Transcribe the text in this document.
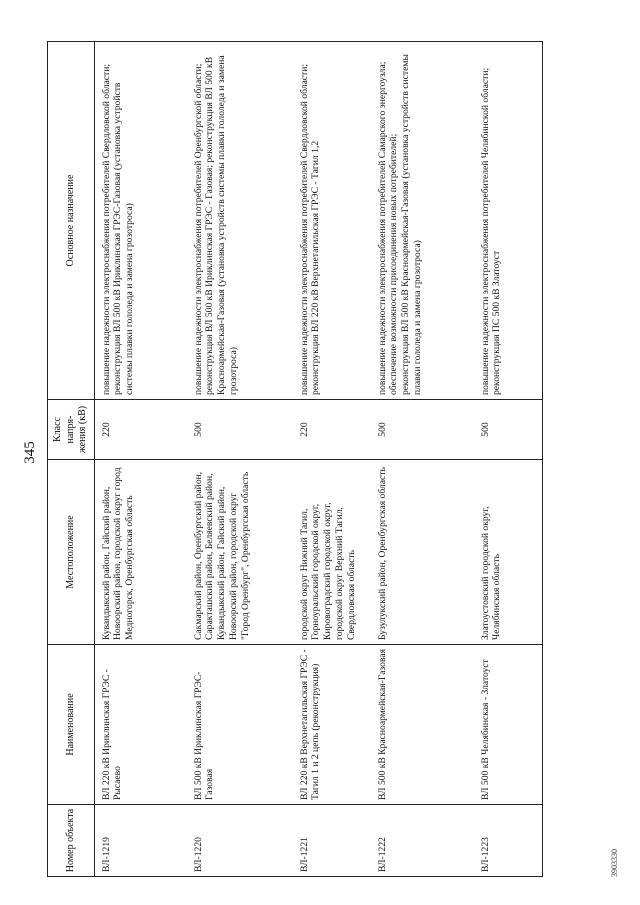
345
Номер объекта	Наименование	Местоположение	Класс напря-жения (кВ)	Основное назначение
ВЛ-1219	ВЛ 220 кВ Ириклинская ГРЭС - Рысаево	Кувандыкский район, Гайский район, Новоорский район, городской округ город Медногорск, Оренбургская область	220	повышение надежности электроснабжения потребителей Свердловской области; реконструкция ВЛ 500 кВ Ириклинская ГРЭС-Газовая (установка устройств системы плавки гололеда и замена грозотроса)

ВЛ-1220	ВЛ 500 кВ Ириклинская ГРЭС-Газовая	Сакмарский район, Оренбургский район, Саракташский район, Беляевский район, Кувандыкский район, Гайский район, Новоорский район, городской округ "Город Оренбург", Оренбургская область	500	повышение надежности электроснабжения потребителей Оренбургской области; реконструкция ВЛ 500 кВ Ириклинская ГРЭС - Газовая; реконструкция ВЛ 500 кВ Красноармейская-Газовая (установка устройств системы плавки гололеда и замена грозотроса)

ВЛ-1221	ВЛ 220 кВ Верхнетагильская ГРЭС - Тагил 1 и 2 цепь (реконструкция)	городской округ Нижний Тагил, Горноуральский городской округ, Кировоградский городской округ, городской округ Верхний Тагил, Свердловская область	220	повышение надежности электроснабжения потребителей Свердловской области; реконструкция ВЛ 220 кВ Верхнетагильская ГРЭС - Тагил 1,2

ВЛ-1222	ВЛ 500 кВ Красноармейская-Газовая	Бузулукский район, Оренбургская область	500	повышение надежности электроснабжения потребителей Самарского энергоузла; обеспечение возможности присоединения новых потребителей; реконструкция ВЛ 500 кВ Красноармейская-Газовая (установка устройств системы плавки гололеда и замена грозотроса)

ВЛ-1223	ВЛ 500 кВ Челябинская - Златоуст	Златоустовский городской округ, Челябинская область	500	повышение надежности электроснабжения потребителей Челябинской области; реконструкция ПС 500 кВ Златоуст
3903330
